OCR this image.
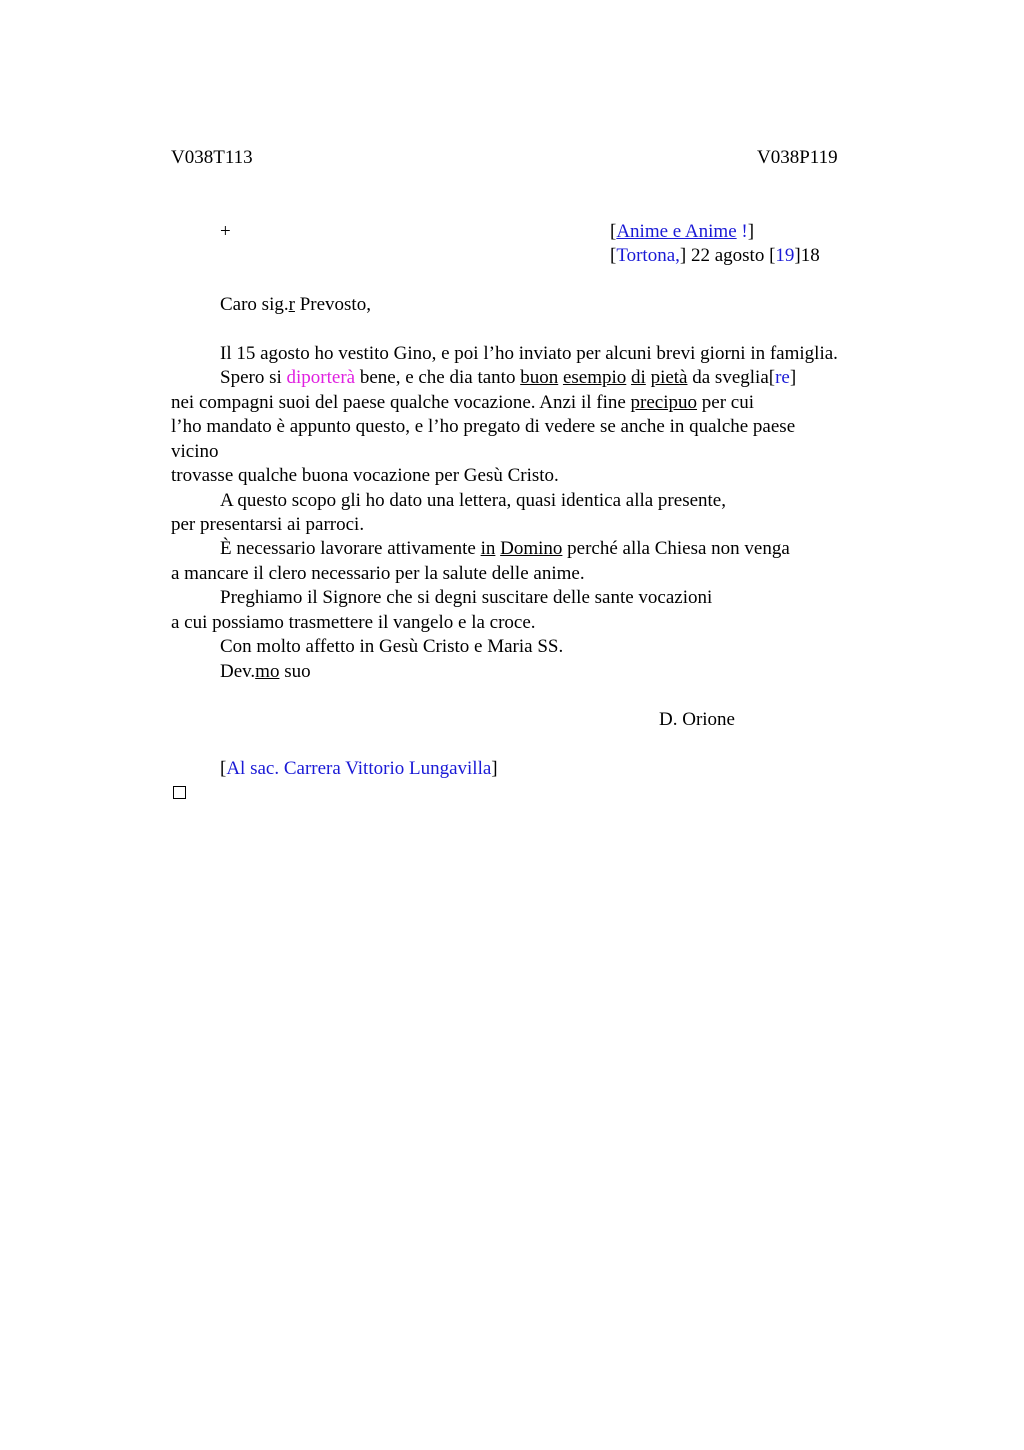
V038T113	V038P119
+	[Anime e Anime !]
[Tortona,] 22 agosto [19]18
Caro sig.r Prevosto,
Il 15 agosto ho vestito Gino, e poi l’ho inviato per alcuni brevi giorni in famiglia.
Spero si diporterà bene, e che dia tanto buon esempio di pietà da sveglia[re]
nei compagni suoi del paese qualche vocazione. Anzi il fine precipuo per cui
l’ho mandato è appunto questo, e l’ho pregato di vedere se anche in qualche paese
vicino
trovasse qualche buona vocazione per Gesù Cristo.
A questo scopo gli ho dato una lettera, quasi identica alla presente,
per presentarsi ai parroci.
È necessario lavorare attivamente in Domino perché alla Chiesa non venga
a mancare il clero necessario per la salute delle anime.
Preghiamo il Signore che si degni suscitare delle sante vocazioni
a cui possiamo trasmettere il vangelo e la croce.
Con molto affetto in Gesù Cristo e Maria SS.
Dev.mo suo
D. Orione
[Al sac. Carrera Vittorio Lungavilla]
